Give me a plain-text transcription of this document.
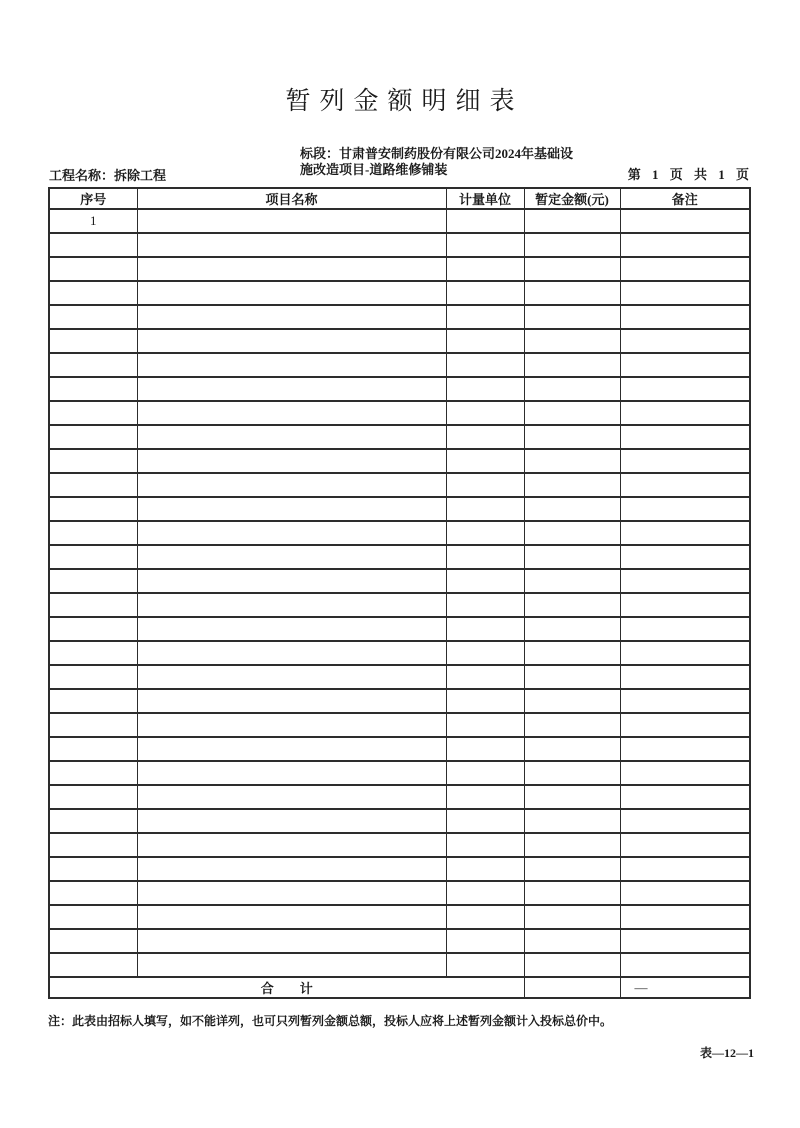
暂列金额明细表
工程名称：拆除工程
标段：甘肃普安制药股份有限公司2024年基础设
施改造项目-道路维修铺装	第 1 页 共 1 页
序号	项目名称	计量单位	暂定金额(元)	备注
1				

合　　计				—
注：此表由招标人填写，如不能详列，也可只列暂列金额总额，投标人应将上述暂列金额计入投标总价中。
表—12—1
